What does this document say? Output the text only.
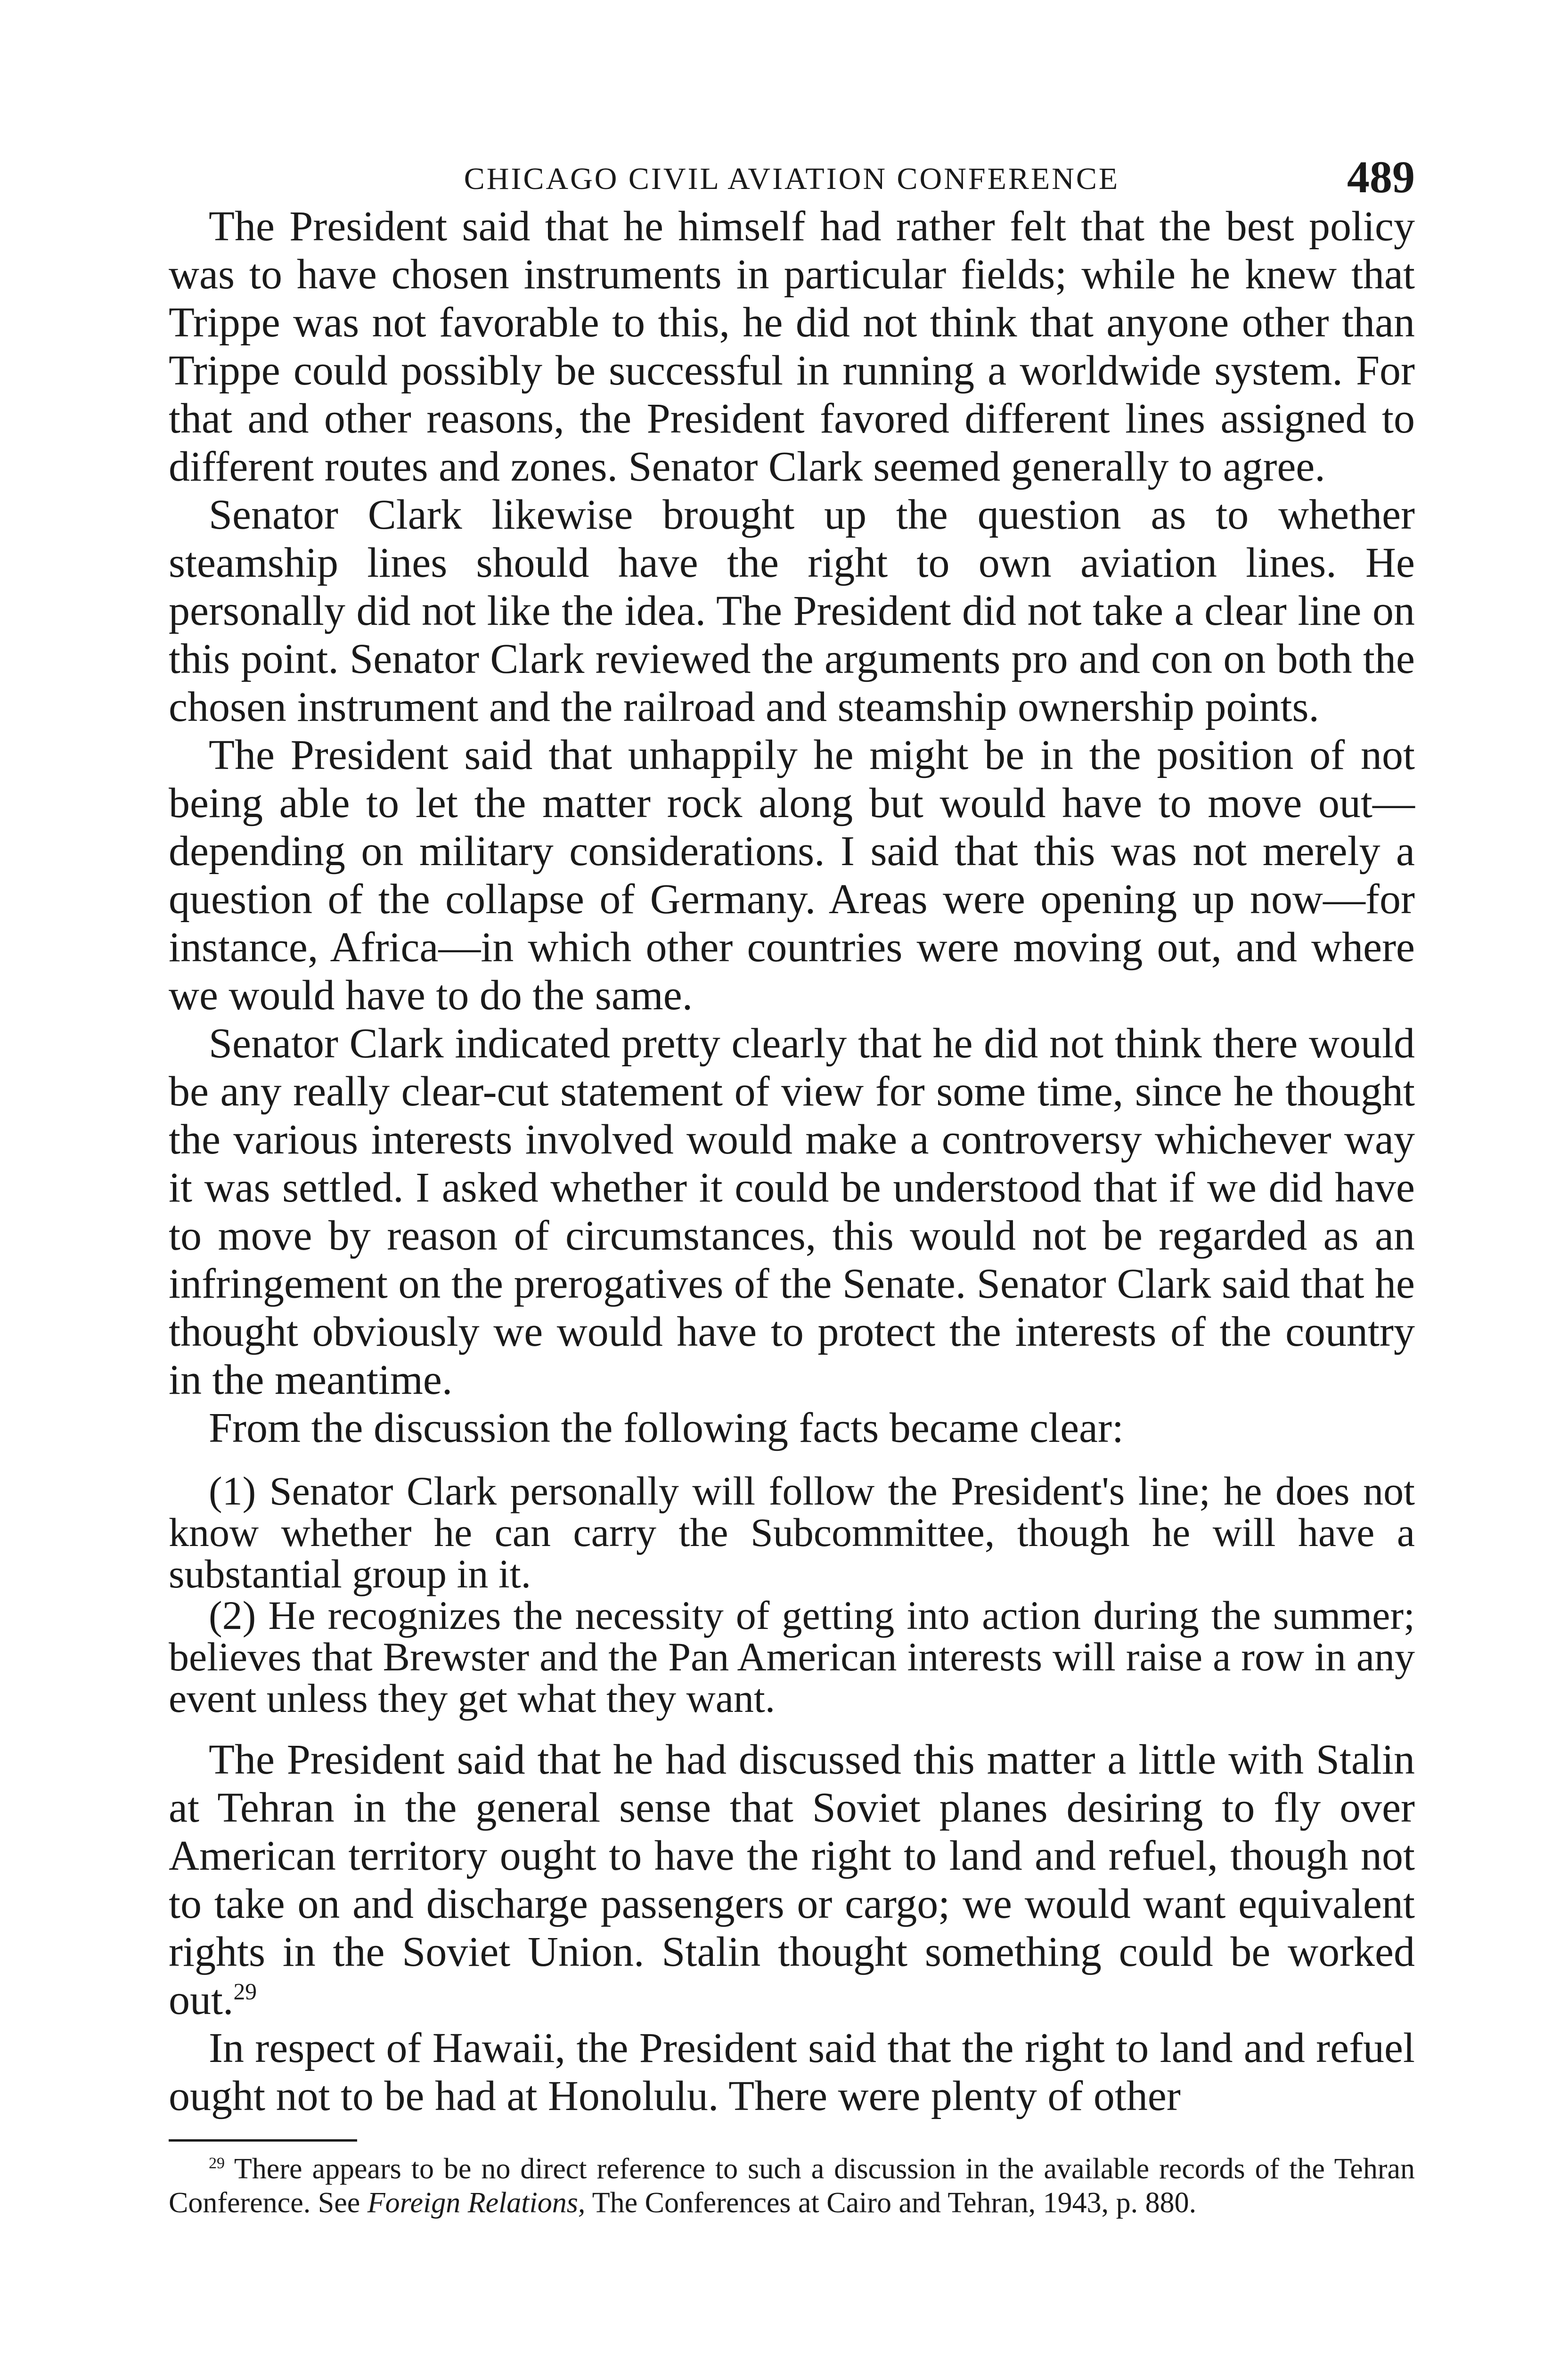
CHICAGO CIVIL AVIATION CONFERENCE	489

The President said that he himself had rather felt that the best policy was to have chosen instruments in particular fields; while he knew that Trippe was not favorable to this, he did not think that anyone other than Trippe could possibly be successful in running a worldwide system. For that and other reasons, the President favored different lines assigned to different routes and zones. Senator Clark seemed generally to agree.

Senator Clark likewise brought up the question as to whether steamship lines should have the right to own aviation lines. He personally did not like the idea. The President did not take a clear line on this point. Senator Clark reviewed the arguments pro and con on both the chosen instrument and the railroad and steamship ownership points.

The President said that unhappily he might be in the position of not being able to let the matter rock along but would have to move out—depending on military considerations. I said that this was not merely a question of the collapse of Germany. Areas were opening up now—for instance, Africa—in which other countries were moving out, and where we would have to do the same.

Senator Clark indicated pretty clearly that he did not think there would be any really clear-cut statement of view for some time, since he thought the various interests involved would make a controversy whichever way it was settled. I asked whether it could be understood that if we did have to move by reason of circumstances, this would not be regarded as an infringement on the prerogatives of the Senate. Senator Clark said that he thought obviously we would have to protect the interests of the country in the meantime.

From the discussion the following facts became clear:

(1) Senator Clark personally will follow the President's line; he does not know whether he can carry the Subcommittee, though he will have a substantial group in it.

(2) He recognizes the necessity of getting into action during the summer; believes that Brewster and the Pan American interests will raise a row in any event unless they get what they want.

The President said that he had discussed this matter a little with Stalin at Tehran in the general sense that Soviet planes desiring to fly over American territory ought to have the right to land and refuel, though not to take on and discharge passengers or cargo; we would want equivalent rights in the Soviet Union. Stalin thought something could be worked out.$^{29}$

In respect of Hawaii, the President said that the right to land and refuel ought not to be had at Honolulu. There were plenty of other

$^{29}$ There appears to be no direct reference to such a discussion in the available records of the Tehran Conference. See Foreign Relations, The Conferences at Cairo and Tehran, 1943, p. 880.
